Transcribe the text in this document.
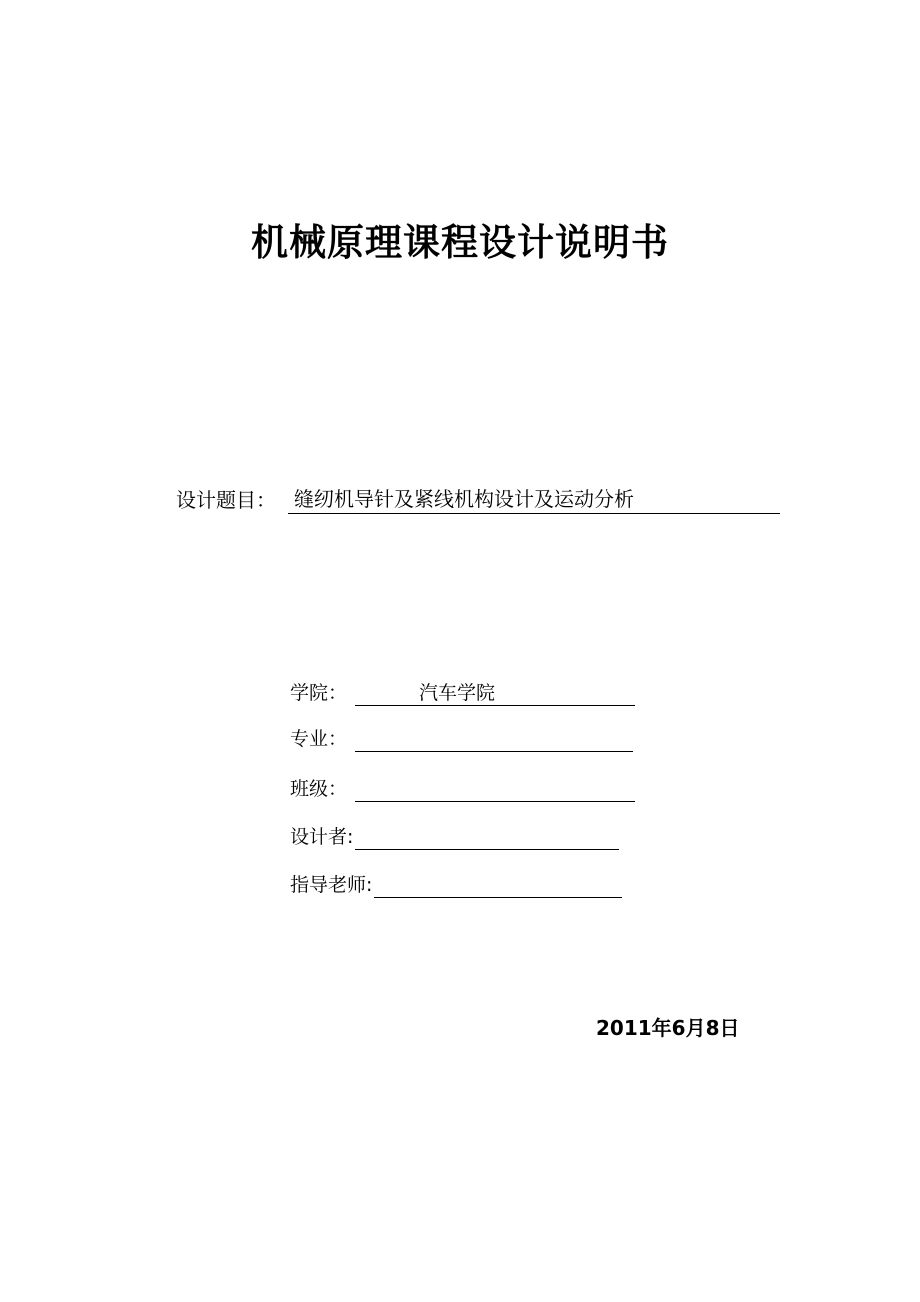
机械原理课程设计说明书
设计题目： 缝纫机导针及紧线机构设计及运动分析
学院：	汽车学院
专业：
班级：
设计者:
指导老师:
2011年6月8日
